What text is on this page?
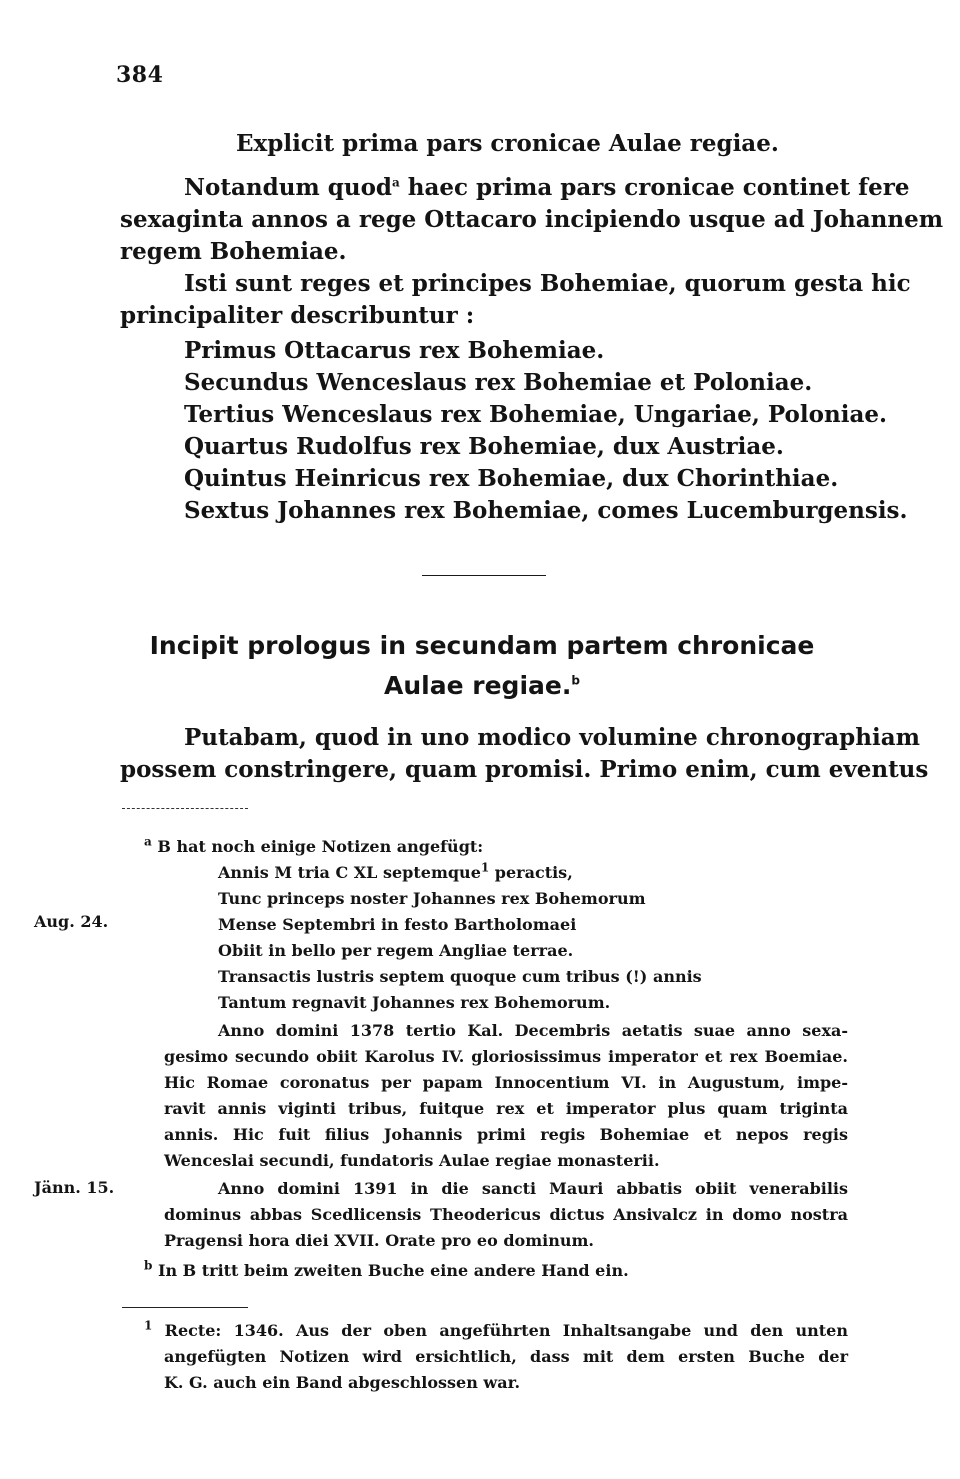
384
Explicit prima pars cronicae Aulae regiae.
Notandum quod$^a$ haec prima pars cronicae continet fere
sexaginta annos a rege Ottacaro incipiendo usque ad Johannem
regem Bohemiae.
Isti sunt reges et principes Bohemiae, quorum gesta hic
principaliter describuntur :
Primus Ottacarus rex Bohemiae.
Secundus Wenceslaus rex Bohemiae et Poloniae.
Tertius Wenceslaus rex Bohemiae, Ungariae, Poloniae.
Quartus Rudolfus rex Bohemiae, dux Austriae.
Quintus Heinricus rex Bohemiae, dux Chorinthiae.
Sextus Johannes rex Bohemiae, comes Lucemburgensis.
Incipit prologus in secundam partem chronicae
Aulae regiae.$^b$
Putabam, quod in uno modico volumine chronographiam
possem constringere, quam promisi. Primo enim, cum eventus
$^a$ B hat noch einige Notizen angefügt:
Annis M tria C XL septemque$^1$ peractis,
Tunc princeps noster Johannes rex Bohemorum
Mense Septembri in festo Bartholomaei
Obiit in bello per regem Angliae terrae.
Transactis lustris septem quoque cum tribus (!) annis
Tantum regnavit Johannes rex Bohemorum.
Anno domini 1378 tertio Kal. Decembris aetatis suae anno sexa-
gesimo secundo obiit Karolus IV. gloriosissimus imperator et rex Boemiae.
Hic Romae coronatus per papam Innocentium VI. in Augustum, impe-
ravit annis viginti tribus, fuitque rex et imperator plus quam triginta
annis. Hic fuit filius Johannis primi regis Bohemiae et nepos regis
Wenceslai secundi, fundatoris Aulae regiae monasterii.
Anno domini 1391 in die sancti Mauri abbatis obiit venerabilis
dominus abbas Scedlicensis Theodericus dictus Ansivalcz in domo nostra
Pragensi hora diei XVII. Orate pro eo dominum.
Aug. 24.
Jänn. 15.
$^b$ In B tritt beim zweiten Buche eine andere Hand ein.
$^1$ Recte: 1346. Aus der oben angeführten Inhaltsangabe und den unten
angefügten Notizen wird ersichtlich, dass mit dem ersten Buche der
K. G. auch ein Band abgeschlossen war.
